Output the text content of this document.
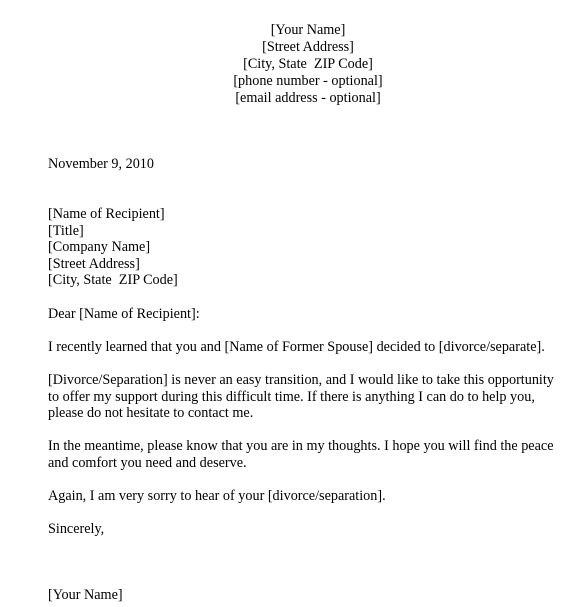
[Your Name]

[Street Address]

[City, State  ZIP Code]

[phone number - optional]

[email address - optional]

November 9, 2010

[Name of Recipient]

[Title]

[Company Name]

[Street Address]

[City, State  ZIP Code]

Dear [Name of Recipient]:

I recently learned that you and [Name of Former Spouse] decided to [divorce/separate].

[Divorce/Separation] is never an easy transition, and I would like to take this opportunity

to offer my support during this difficult time. If there is anything I can do to help you,

please do not hesitate to contact me.

In the meantime, please know that you are in my thoughts. I hope you will find the peace

and comfort you need and deserve.

Again, I am very sorry to hear of your [divorce/separation].

Sincerely,

[Your Name]
